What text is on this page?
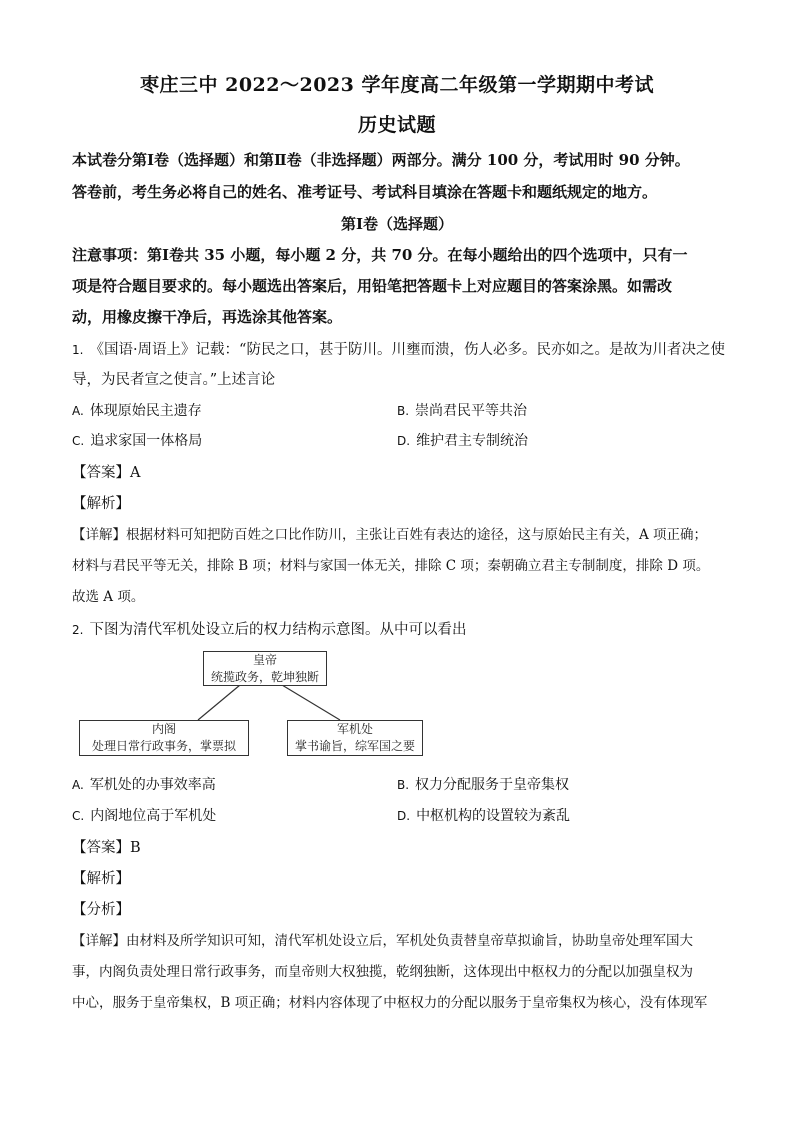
枣庄三中 2022～2023 学年度高二年级第一学期期中考试
历史试题
本试卷分第Ⅰ卷（选择题）和第Ⅱ卷（非选择题）两部分。满分 100 分，考试用时 90 分钟。
答卷前，考生务必将自己的姓名、准考证号、考试科目填涂在答题卡和题纸规定的地方。
第Ⅰ卷（选择题）
注意事项：第Ⅰ卷共 35 小题，每小题 2 分，共 70 分。在每小题给出的四个选项中，只有一
项是符合题目要求的。每小题选出答案后，用铅笔把答题卡上对应题目的答案涂黑。如需改
动，用橡皮擦干净后，再选涂其他答案。
1. 《国语·周语上》记载：“防民之口，甚于防川。川壅而溃，伤人必多。民亦如之。是故为川者决之使
导，为民者宣之使言。”上述言论
A. 体现原始民主遗存	B. 崇尚君民平等共治
C. 追求家国一体格局	D. 维护君主专制统治
【答案】A
【解析】
【详解】根据材料可知把防百姓之口比作防川，主张让百姓有表达的途径，这与原始民主有关，A 项正确；
材料与君民平等无关，排除 B 项；材料与家国一体无关，排除 C 项；秦朝确立君主专制制度，排除 D 项。
故选 A 项。
2. 下图为清代军机处设立后的权力结构示意图。从中可以看出
皇帝
统揽政务，乾坤独断
内阁
处理日常行政事务，掌票拟
军机处
掌书谕旨，综军国之要
A. 军机处的办事效率高	B. 权力分配服务于皇帝集权
C. 内阁地位高于军机处	D. 中枢机构的设置较为紊乱
【答案】B
【解析】
【分析】
【详解】由材料及所学知识可知，清代军机处设立后，军机处负责替皇帝草拟谕旨，协助皇帝处理军国大
事，内阁负责处理日常行政事务，而皇帝则大权独揽，乾纲独断，这体现出中枢权力的分配以加强皇权为
中心，服务于皇帝集权，B 项正确；材料内容体现了中枢权力的分配以服务于皇帝集权为核心，没有体现军
